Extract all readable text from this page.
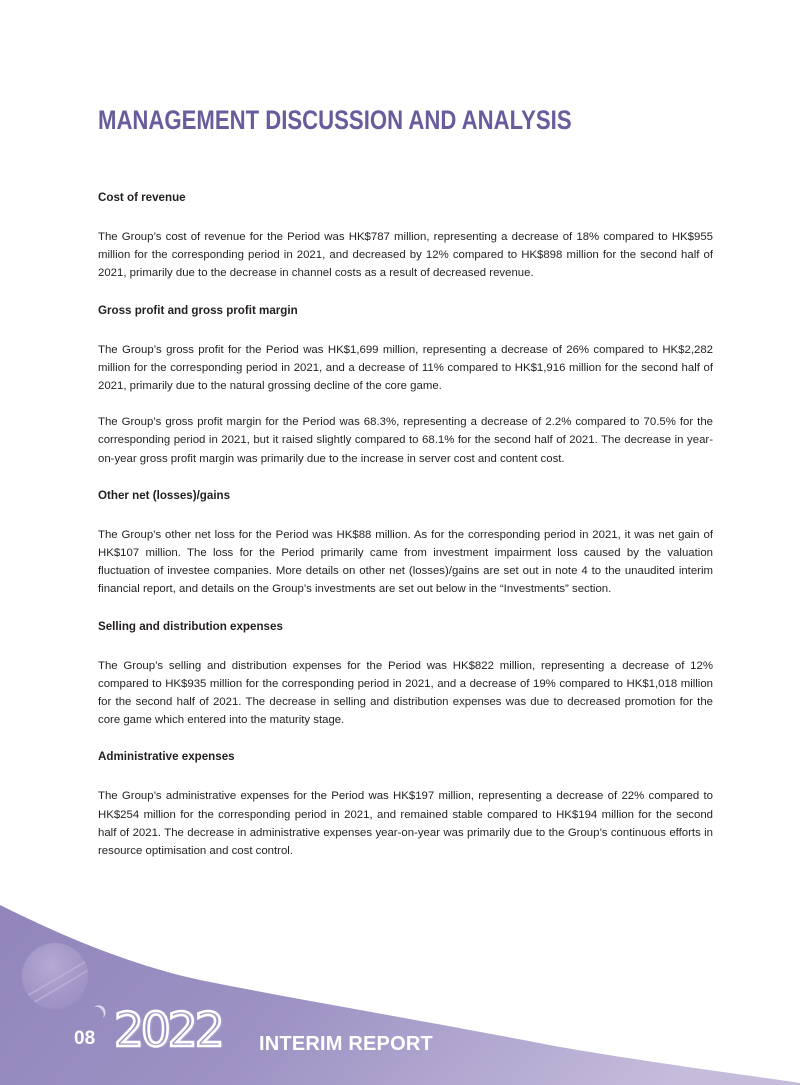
MANAGEMENT DISCUSSION AND ANALYSIS
Cost of revenue

The Group’s cost of revenue for the Period was HK$787 million, representing a decrease of 18% compared to HK$955 million for the corresponding period in 2021, and decreased by 12% compared to HK$898 million for the second half of 2021, primarily due to the decrease in channel costs as a result of decreased revenue.

Gross profit and gross profit margin

The Group’s gross profit for the Period was HK$1,699 million, representing a decrease of 26% compared to HK$2,282 million for the corresponding period in 2021, and a decrease of 11% compared to HK$1,916 million for the second half of 2021, primarily due to the natural grossing decline of the core game.

The Group’s gross profit margin for the Period was 68.3%, representing a decrease of 2.2% compared to 70.5% for the corresponding period in 2021, but it raised slightly compared to 68.1% for the second half of 2021. The decrease in year-on-year gross profit margin was primarily due to the increase in server cost and content cost.

Other net (losses)/gains

The Group’s other net loss for the Period was HK$88 million. As for the corresponding period in 2021, it was net gain of HK$107 million. The loss for the Period primarily came from investment impairment loss caused by the valuation fluctuation of investee companies. More details on other net (losses)/gains are set out in note 4 to the unaudited interim financial report, and details on the Group’s investments are set out below in the “Investments” section.

Selling and distribution expenses

The Group’s selling and distribution expenses for the Period was HK$822 million, representing a decrease of 12% compared to HK$935 million for the corresponding period in 2021, and a decrease of 19% compared to HK$1,018 million for the second half of 2021. The decrease in selling and distribution expenses was due to decreased promotion for the core game which entered into the maturity stage.

Administrative expenses

The Group’s administrative expenses for the Period was HK$197 million, representing a decrease of 22% compared to HK$254 million for the corresponding period in 2021, and remained stable compared to HK$194 million for the second half of 2021. The decrease in administrative expenses year-on-year was primarily due to the Group’s continuous efforts in resource optimisation and cost control.

08 2022 INTERIM REPORT
